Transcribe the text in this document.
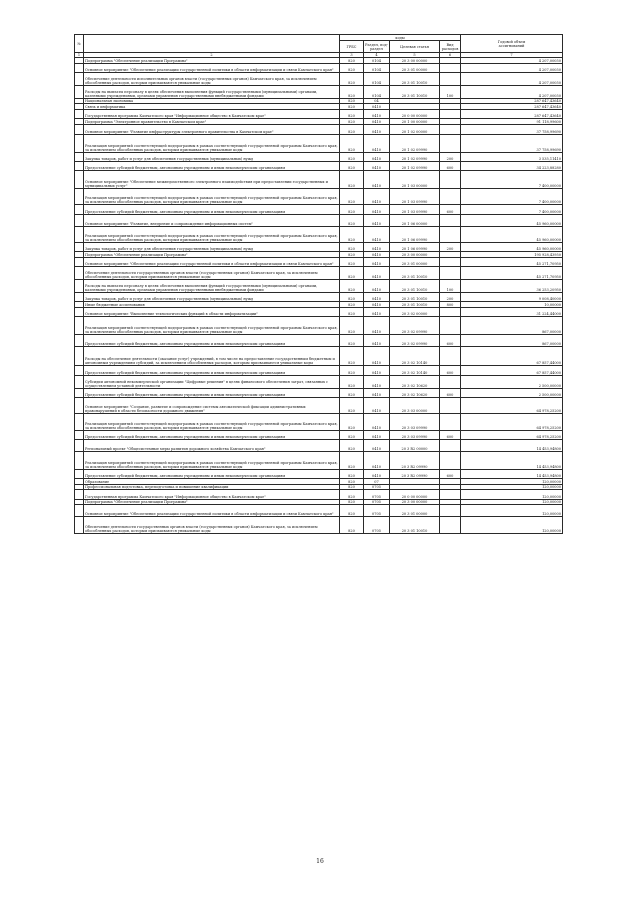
№		коды				Годовой объем
ассигнований
		ГРБС	Раздел, под-
раздел	Целевая статья	Вид
расходов	
1	2	3	4	5	6	7
	Подпрограмма "Обеспечение реализации Программы"	820	0104	20 3 00 00000		4 207,00050
	Основное мероприятие "Обеспечение реализации государственной политики в области информатизации и связи Камчатского края"	820	0104	20 3 01 00000		4 207,00050
	Обеспечение деятельности исполнительных органов власти (государственных органов) Камчатского края, за исключением обособленных расходов, которым присваиваются уникальные коды	820	0104	20 3 01 10010		4 207,00050
	Расходы на выплаты персоналу в целях обеспечения выполнения функций государственными (муниципальными) органами, казенными учреждениями, органами управления государственными внебюджетными фондами	820	0104	20 3 01 10010	100	4 207,00050
	Национальная экономика	820	04			287 647,43640
	Связь и информатика	820	0410			287 647,43640
	Государственная программа Камчатского края "Информационное общество в Камчатском крае"	820	0410	20 0 00 00000		287 647,43640
	Подпрограмма "Электронное правительство в Камчатском крае"	820	0410	20 1 00 00000		91 118,99600
	Основное мероприятие "Развитие инфраструктуры электронного правительства в Камчатском крае"	820	0410	20 1 02 00000		37 758,99690
	Реализация мероприятий соответствующей подпрограммы в рамках соответствующей государственной программы Камчатского края, за исключением обособленных расходов, которым присваиваются уникальные коды	820	0410	20 1 02 09990		37 758,99690
	Закупка товаров, работ и услуг для обеспечения государственных (муниципальных) нужд	820	0410	20 1 02 09990	200	3 535,11410
	Предоставление субсидий бюджетным, автономным учреждениям и иным некоммерческим организациям	820	0410	20 1 02 09990	600	34 223,88280
	Основное мероприятие "Обеспечение межведомственного электронного взаимодействия при предоставлении государственных и муниципальных услуг"	820	0410	20 1 03 00000		7 400,00000
	Реализация мероприятий соответствующей подпрограммы в рамках соответствующей государственной программы Камчатского края, за исключением обособленных расходов, которым присваиваются уникальные коды	820	0410	20 1 03 09990		7 400,00000
	Предоставление субсидий бюджетным, автономным учреждениям и иным некоммерческим организациям	820	0410	20 1 03 09990	600	7 400,00000
	Основное мероприятие "Развитие, внедрение и сопровождение информационных систем"	820	0410	20 1 06 00000		45 960,00000
	Реализация мероприятий соответствующей подпрограммы в рамках соответствующей государственной программы Камчатского края, за исключением обособленных расходов, которым присваиваются уникальные коды	820	0410	20 1 06 09990		45 960,00000
	Закупка товаров, работ и услуг для обеспечения государственных (муниципальных) нужд	820	0410	20 1 06 09990	200	45 960,00000
	Подпрограмма "Обеспечение реализации Программы"	820	0410	20 3 00 00000		195 928,43950
	Основное мероприятие "Обеспечение реализации государственной политики в области информатизации и связи Камчатского края"	820	0410	20 3 01 00000		45 271,70950
	Обеспечение деятельности государственных органов власти (государственных органов) Камчатского края, за исключением обособленных расходов, которым присваиваются уникальные коды	820	0410	20 3 01 10010		45 271,70950
	Расходы на выплаты персоналу в целях обеспечения выполнения функций государственными (муниципальными) органами, казенными учреждениями, органами управления государственными внебюджетными фондами	820	0410	20 3 01 10010	100	36 253,20950
	Закупка товаров, работ и услуг для обеспечения государственных (муниципальных) нужд	820	0410	20 3 01 10010	200	9 008,40000
	Иные бюджетные ассигнования	820	0410	20 3 01 10010	800	10,00000
	Основное мероприятие "Выполнение технологических функций в области информатизации"	820	0410	20 3 02 00000		31 224,44000
	Реализация мероприятий соответствующей подпрограммы в рамках соответствующей государственной программы Камчатского края, за исключением обособленных расходов, которым присваиваются уникальные коды	820	0410	20 3 02 09990		867,00000
	Предоставление субсидий бюджетным, автономным учреждениям и иным некоммерческим организациям	820	0410	20 3 02 09990	600	867,00000
	Расходы на обеспечение деятельности (оказание услуг) учреждений, в том числе на предоставление государственным бюджетным и автономным учреждениям субсидий, за исключением обособленных расходов, которым присваиваются уникальные коды	820	0410	20 3 02 10140		67 857,44000
	Предоставление субсидий бюджетным, автономным учреждениям и иным некоммерческим организациям	820	0410	20 3 02 10140	600	67 857,44000
	Субсидии автономной некоммерческой организации "Цифровые решения" в целях финансового обеспечения затрат, связанных с осуществлением уставной деятельности	820	0410	20 3 02 10620		2 500,00000
	Предоставление субсидий бюджетным, автономным учреждениям и иным некоммерческим организациям	820	0410	20 3 02 10620	600	2 500,00000
	Основное мероприятие "Создание, развитие и сопровождение системы автоматической фиксации административных правонарушений в области безопасности дорожного движения"	820	0410	20 3 03 00000		64 978,25200
	Реализация мероприятий соответствующей подпрограммы в рамках соответствующей государственной программы Камчатского края, за исключением обособленных расходов, которым присваиваются уникальные коды	820	0410	20 3 03 09990		64 978,25200
	Предоставление субсидий бюджетным, автономным учреждениям и иным некоммерческим организациям	820	0410	20 3 03 09990	600	64 978,25200
	Региональный проект "Общесистемные меры развития дорожного хозяйства Камчатского края"	820	0410	20 3 R2 00000		14 453,94800
	Реализация мероприятий соответствующей подпрограммы в рамках соответствующей государственной программы Камчатского края, за исключением обособленных расходов, которым присваиваются уникальные коды	820	0410	20 3 R2 09990		14 453,94800
	Предоставление субсидий бюджетным, автономным учреждениям и иным некоммерческим организациям	820	0410	20 3 R2 09990	600	14 453,94800
	Образование	820	07			120,00000
	Профессиональная подготовка, переподготовка и повышение квалификации	820	0705			120,00000
	Государственная программа Камчатского края "Информационное общество в Камчатском крае"	820	0705	20 0 00 00000		120,00000
	Подпрограмма "Обеспечение реализации Программы"	820	0705	20 3 00 00000		120,00000
	Основное мероприятие "Обеспечение реализации государственной политики в области информатизации и связи Камчатского края"	820	0705	20 3 01 00000		120,00000
	Обеспечение деятельности государственных органов власти (государственных органов) Камчатского края, за исключением обособленных расходов, которым присваиваются уникальные коды	820	0705	20 3 01 10010		120,00000
16
